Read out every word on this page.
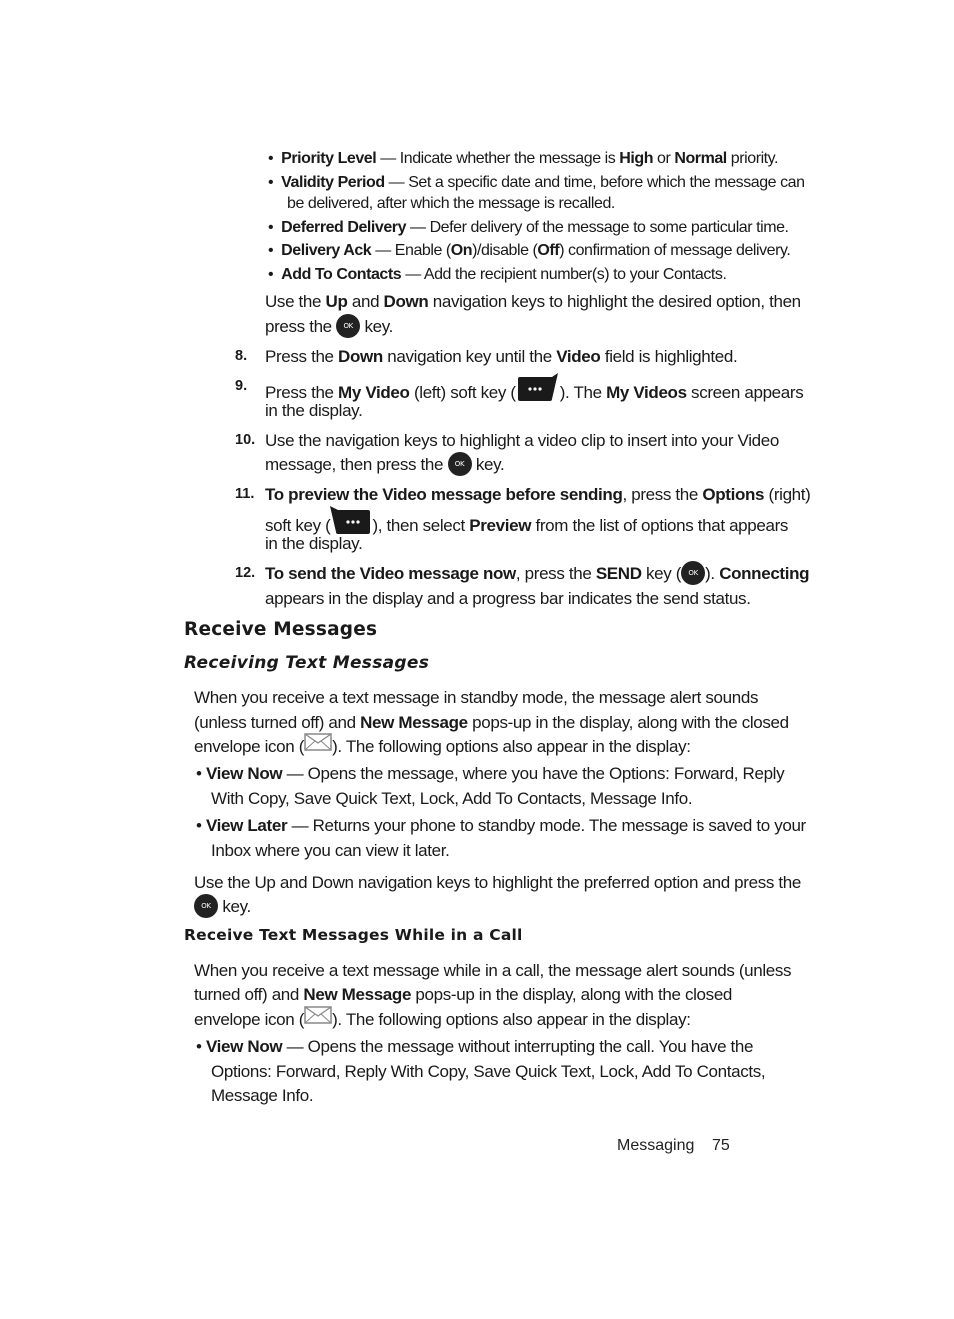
• Priority Level — Indicate whether the message is High or Normal priority.
• Validity Period — Set a specific date and time, before which the message can
be delivered, after which the message is recalled.
• Deferred Delivery — Defer delivery of the message to some particular time.
• Delivery Ack — Enable (On)/disable (Off) confirmation of message delivery.
• Add To Contacts — Add the recipient number(s) to your Contacts.
Use the Up and Down navigation keys to highlight the desired option, then
press the OK key.
8. Press the Down navigation key until the Video field is highlighted.
9. Press the My Video (left) soft key (	). The My Videos screen appears
in the display.
10. Use the navigation keys to highlight a video clip to insert into your Video
message, then press the OK key.
11. To preview the Video message before sending, press the Options (right)
soft key ( ), then select Preview from the list of options that appears
in the display.
12. To send the Video message now, press the SEND key ( OK ). Connecting
appears in the display and a progress bar indicates the send status.
Receive Messages
Receiving Text Messages
When you receive a text message in standby mode, the message alert sounds
(unless turned off) and New Message pops-up in the display, along with the closed
envelope icon ( ). The following options also appear in the display:
• View Now — Opens the message, where you have the Options: Forward, Reply
With Copy, Save Quick Text, Lock, Add To Contacts, Message Info.
• View Later — Returns your phone to standby mode. The message is saved to your
Inbox where you can view it later.
Use the Up and Down navigation keys to highlight the preferred option and press the
OK key.
Receive Text Messages While in a Call
When you receive a text message while in a call, the message alert sounds (unless
turned off) and New Message pops-up in the display, along with the closed
envelope icon ( ). The following options also appear in the display:
• View Now — Opens the message without interrupting the call. You have the
Options: Forward, Reply With Copy, Save Quick Text, Lock, Add To Contacts,
Message Info.
Messaging 75
